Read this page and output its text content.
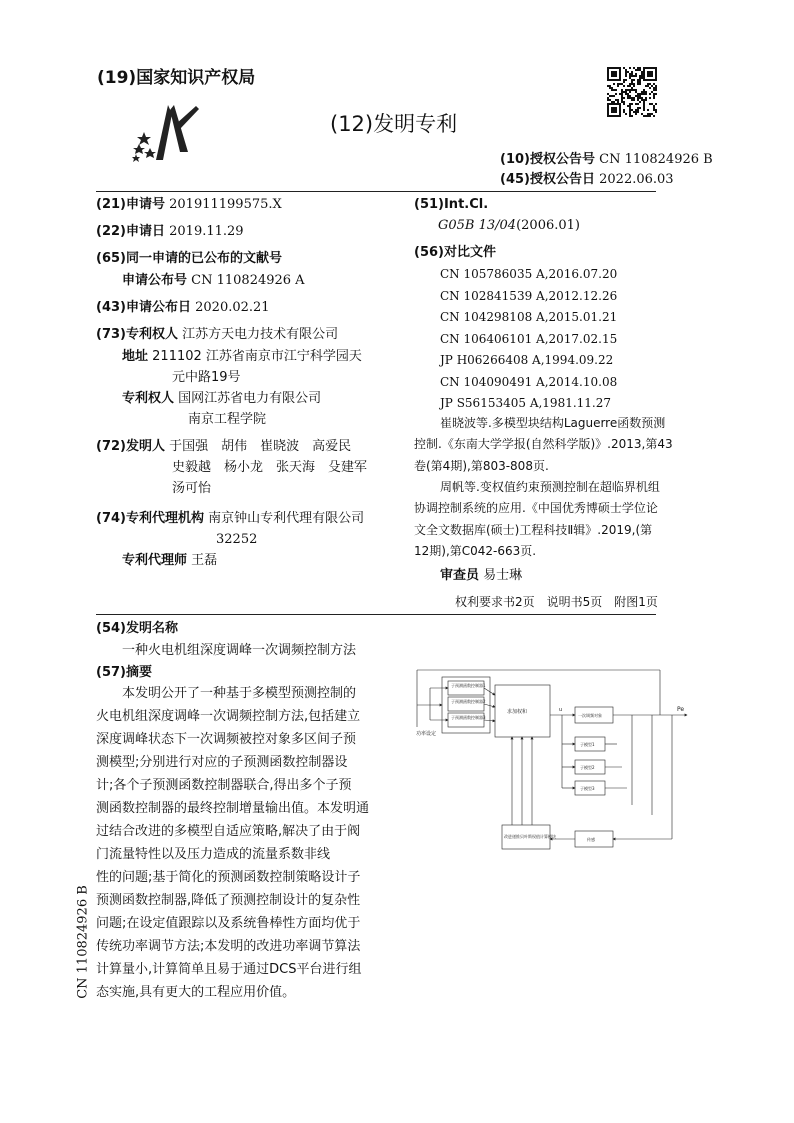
(19)国家知识产权局
(12)发明专利
(10)授权公告号 CN 110824926 B
(45)授权公告日 2022.06.03
(21)申请号 201911199575.X
(22)申请日 2019.11.29
(65)同一申请的已公布的文献号
申请公布号 CN 110824926 A
(43)申请公布日 2020.02.21
(73)专利权人 江苏方天电力技术有限公司
地址 211102 江苏省南京市江宁科学园天
元中路19号
专利权人 国网江苏省电力有限公司
南京工程学院
(72)发明人 于国强　胡伟　崔晓波　高爱民
史毅越　杨小龙　张天海　殳建军
汤可怡
(74)专利代理机构 南京钟山专利代理有限公司
32252
专利代理师 王磊
(51)Int.Cl.
G05B 13/04(2006.01)
(56)对比文件
CN 105786035 A,2016.07.20
CN 102841539 A,2012.12.26
CN 104298108 A,2015.01.21
CN 106406101 A,2017.02.15
JP H06266408 A,1994.09.22
CN 104090491 A,2014.10.08
JP S56153405 A,1981.11.27
崔晓波等.多模型块结构Laguerre函数预测
控制.《东南大学学报(自然科学版)》.2013,第43
卷(第4期),第803-808页.
周帆等.变权值约束预测控制在超临界机组
协调控制系统的应用.《中国优秀博硕士学位论
文全文数据库(硕士)工程科技Ⅱ辑》.2019,(第
12期),第C042-663页.
审查员 易士琳
权利要求书2页　说明书5页　附图1页
(54)发明名称
一种火电机组深度调峰一次调频控制方法
(57)摘要
　　本发明公开了一种基于多模型预测控制的
火电机组深度调峰一次调频控制方法,包括建立
深度调峰状态下一次调频被控对象多区间子预
测模型;分别进行对应的子预测函数控制器设
计;各个子预测函数控制器联合,得出多个子预
测函数控制器的最终控制增量输出值。本发明通
过结合改进的多模型自适应策略,解决了由于阀
门流量特性以及压力造成的流量系数非线
性的问题;基于简化的预测函数控制策略设计子
预测函数控制器,降低了预测控制设计的复杂性
问题;在设定值跟踪以及系统鲁棒性方面均优于
传统功率调节方法;本发明的改进功率调节算法
计算量小,计算简单且易于通过DCS平台进行组
态实施,具有更大的工程应用价值。
CN 110824926 B
子预测函数控制器1
子预测函数控制器2
子预测函数控制器3
求加权和
一次调频对象
子模型1
子模型2
子模型3
改进递推贝叶斯权值计算模块
传感
功率设定
u	Pe
